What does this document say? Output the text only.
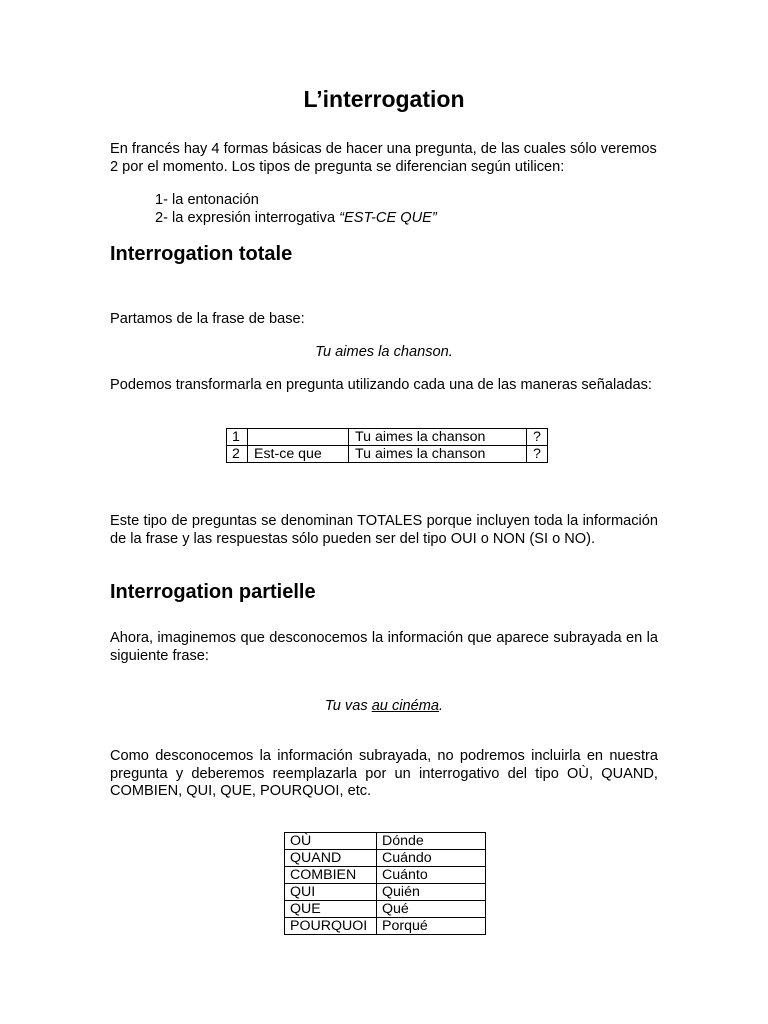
L’interrogation
En francés hay 4 formas básicas de hacer una pregunta, de las cuales sólo veremos 2 por el momento. Los tipos de pregunta se diferencian según utilicen:
1- la entonación
2- la expresión interrogativa “EST-CE QUE”
Interrogation totale
Partamos de la frase de base:
Tu aimes la chanson.
Podemos transformarla en pregunta utilizando cada una de las maneras señaladas:
1		Tu aimes la chanson	?
2	Est-ce que	Tu aimes la chanson	?
Este tipo de preguntas se denominan TOTALES porque incluyen toda la información de la frase y las respuestas sólo pueden ser del tipo OUI o NON (SI o NO).
Interrogation partielle
Ahora, imaginemos que desconocemos la información que aparece subrayada en la siguiente frase:
Tu vas au cinéma.
Como desconocemos la información subrayada, no podremos incluirla en nuestra pregunta y deberemos reemplazarla por un interrogativo del tipo OÙ, QUAND, COMBIEN, QUI, QUE, POURQUOI, etc.
OÙ	Dónde
QUAND	Cuándo
COMBIEN	Cuánto
QUI	Quién
QUE	Qué
POURQUOI	Porqué
